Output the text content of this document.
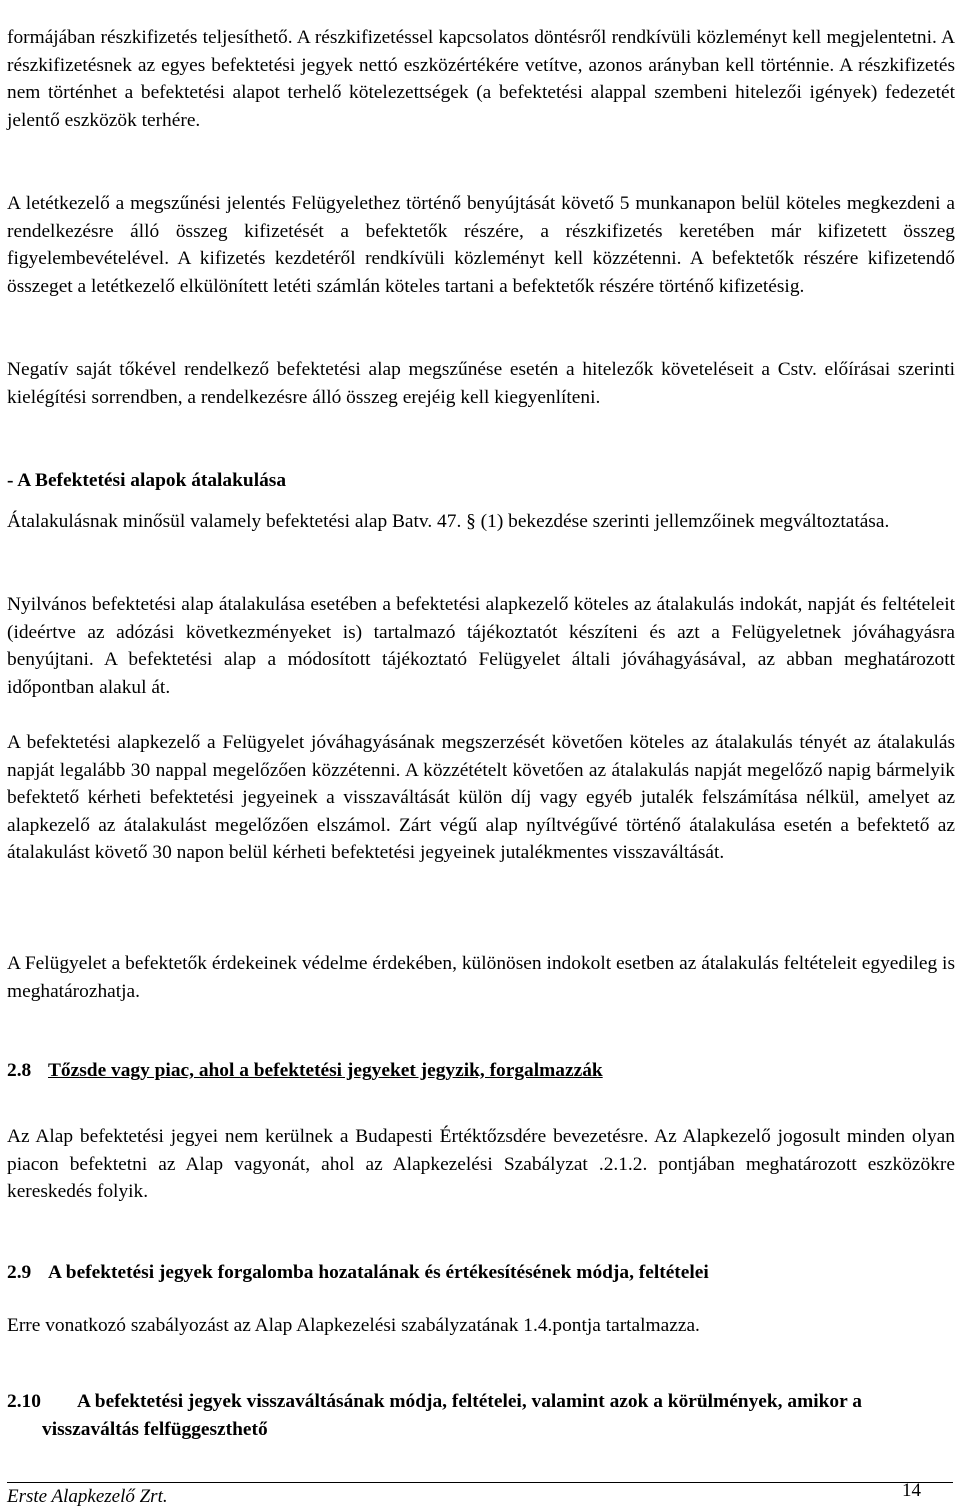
formájában részkifizetés teljesíthető. A részkifizetéssel kapcsolatos döntésről rendkívüli közleményt kell megjelentetni. A részkifizetésnek az egyes befektetési jegyek nettó eszközértékére vetítve, azonos arányban kell történnie. A részkifizetés nem történhet a befektetési alapot terhelő kötelezettségek (a befektetési alappal szembeni hitelezői igények) fedezetét jelentő eszközök terhére.

A letétkezelő a megszűnési jelentés Felügyelethez történő benyújtását követő 5 munkanapon belül köteles megkezdeni a rendelkezésre álló összeg kifizetését a befektetők részére, a részkifizetés keretében már kifizetett összeg figyelembevételével. A kifizetés kezdetéről rendkívüli közleményt kell közzétenni. A befektetők részére kifizetendő összeget a letétkezelő elkülönített letéti számlán köteles tartani a befektetők részére történő kifizetésig.

Negatív saját tőkével rendelkező befektetési alap megszűnése esetén a hitelezők követeléseit a Cstv. előírásai szerinti kielégítési sorrendben, a rendelkezésre álló összeg erejéig kell kiegyenlíteni.

- A Befektetési alapok átalakulása

Átalakulásnak minősül valamely befektetési alap Batv. 47. § (1) bekezdése szerinti jellemzőinek megváltoztatása.

Nyilvános befektetési alap átalakulása esetében a befektetési alapkezelő köteles az átalakulás indokát, napját és feltételeit (ideértve az adózási következményeket is) tartalmazó tájékoztatót készíteni és azt a Felügyeletnek jóváhagyásra benyújtani. A befektetési alap a módosított tájékoztató Felügyelet általi jóváhagyásával, az abban meghatározott időpontban alakul át.

A befektetési alapkezelő a Felügyelet jóváhagyásának megszerzését követően köteles az átalakulás tényét az átalakulás napját legalább 30 nappal megelőzően közzétenni. A közzétételt követően az átalakulás napját megelőző napig bármelyik befektető kérheti befektetési jegyeinek a visszaváltását külön díj vagy egyéb jutalék felszámítása nélkül, amelyet az alapkezelő az átalakulást megelőzően elszámol. Zárt végű alap nyíltvégűvé történő átalakulása esetén a befektető az átalakulást követő 30 napon belül kérheti befektetési jegyeinek jutalékmentes visszaváltását.

A Felügyelet a befektetők érdekeinek védelme érdekében, különösen indokolt esetben az átalakulás feltételeit egyedileg is meghatározhatja.

2.8 Tőzsde vagy piac, ahol a befektetési jegyeket jegyzik, forgalmazzák

Az Alap befektetési jegyei nem kerülnek a Budapesti Értéktőzsdére bevezetésre. Az Alapkezelő jogosult minden olyan piacon befektetni az Alap vagyonát, ahol az Alapkezelési Szabályzat .2.1.2. pontjában meghatározott eszközökre kereskedés folyik.

2.9 A befektetési jegyek forgalomba hozatalának és értékesítésének módja, feltételei

Erre vonatkozó szabályozást az Alap Alapkezelési szabályzatának 1.4.pontja tartalmazza.

2.10 A befektetési jegyek visszaváltásának módja, feltételei, valamint azok a körülmények, amikor a visszaváltás felfüggeszthető

Erste Alapkezelő Zrt.	14
